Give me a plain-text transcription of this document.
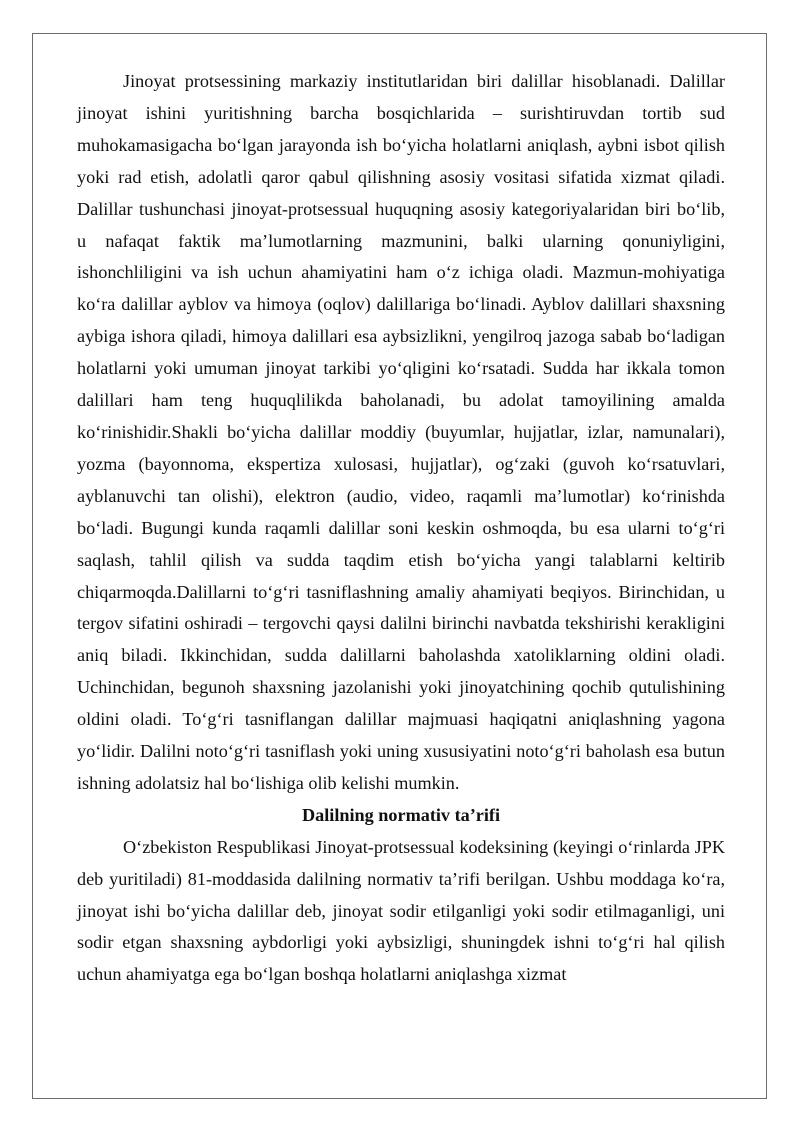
Jinoyat protsessining markaziy institutlaridan biri dalillar hisoblanadi. Dalillar jinoyat ishini yuritishning barcha bosqichlarida – surishtiruvdan tortib sud muhokamasigacha bo‘lgan jarayonda ish bo‘yicha holatlarni aniqlash, aybni isbot qilish yoki rad etish, adolatli qaror qabul qilishning asosiy vositasi sifatida xizmat qiladi. Dalillar tushunchasi jinoyat-protsessual huquqning asosiy kategoriyalaridan biri bo‘lib, u nafaqat faktik ma’lumotlarning mazmunini, balki ularning qonuniyligini, ishonchliligini va ish uchun ahamiyatini ham o‘z ichiga oladi. Mazmun-mohiyatiga ko‘ra dalillar ayblov va himoya (oqlov) dalillariga bo‘linadi. Ayblov dalillari shaxsning aybiga ishora qiladi, himoya dalillari esa aybsizlikni, yengilroq jazoga sabab bo‘ladigan holatlarni yoki umuman jinoyat tarkibi yo‘qligini ko‘rsatadi. Sudda har ikkala tomon dalillari ham teng huquqlilikda baholanadi, bu adolat tamoyilining amalda ko‘rinishidir.Shakli bo‘yicha dalillar moddiy (buyumlar, hujjatlar, izlar, namunalari), yozma (bayonnoma, ekspertiza xulosasi, hujjatlar), og‘zaki (guvoh ko‘rsatuvlari, ayblanuvchi tan olishi), elektron (audio, video, raqamli ma’lumotlar) ko‘rinishda bo‘ladi. Bugungi kunda raqamli dalillar soni keskin oshmoqda, bu esa ularni to‘g‘ri saqlash, tahlil qilish va sudda taqdim etish bo‘yicha yangi talablarni keltirib chiqarmoqda.Dalillarni to‘g‘ri tasniflashning amaliy ahamiyati beqiyos. Birinchidan, u tergov sifatini oshiradi – tergovchi qaysi dalilni birinchi navbatda tekshirishi kerakligini aniq biladi. Ikkinchidan, sudda dalillarni baholashda xatoliklarning oldini oladi. Uchinchidan, begunoh shaxsning jazolanishi yoki jinoyatchining qochib qutulishining oldini oladi. To‘g‘ri tasniflangan dalillar majmuasi haqiqatni aniqlashning yagona yo‘lidir. Dalilni noto‘g‘ri tasniflash yoki uning xususiyatini noto‘g‘ri baholash esa butun ishning adolatsiz hal bo‘lishiga olib kelishi mumkin.

Dalilning normativ ta’rifi

O‘zbekiston Respublikasi Jinoyat-protsessual kodeksining (keyingi o‘rinlarda JPK deb yuritiladi) 81-moddasida dalilning normativ ta’rifi berilgan. Ushbu moddaga ko‘ra, jinoyat ishi bo‘yicha dalillar deb, jinoyat sodir etilganligi yoki sodir etilmaganligi, uni sodir etgan shaxsning aybdorligi yoki aybsizligi, shuningdek ishni to‘g‘ri hal qilish uchun ahamiyatga ega bo‘lgan boshqa holatlarni aniqlashga xizmat
